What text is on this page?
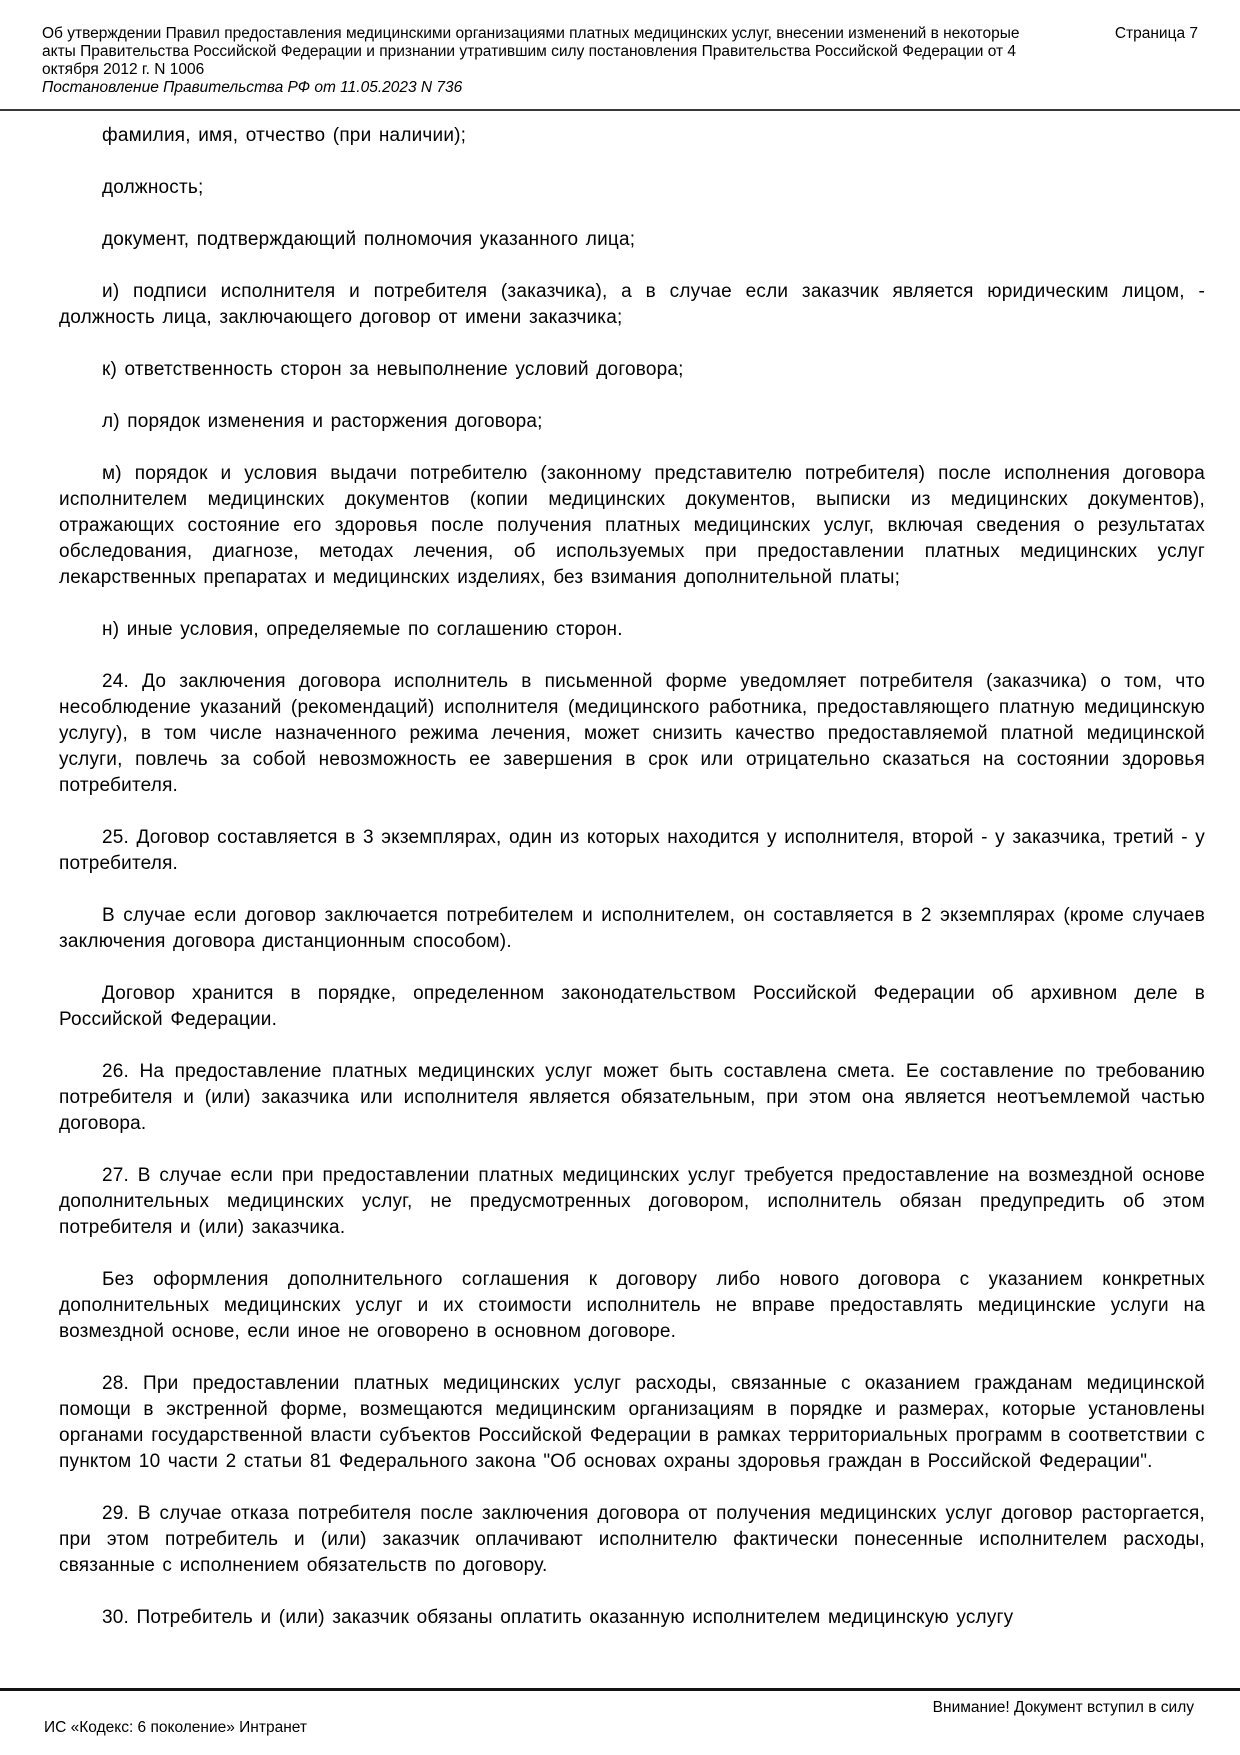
Об утверждении Правил предоставления медицинскими организациями платных медицинских услуг, внесении изменений в некоторые акты Правительства Российской Федерации и признании утратившим силу постановления Правительства Российской Федерации от 4 октября 2012 г. N 1006
Постановление Правительства РФ от 11.05.2023 N 736
Страница 7

фамилия, имя, отчество (при наличии);

должность;

документ, подтверждающий полномочия указанного лица;

и) подписи исполнителя и потребителя (заказчика), а в случае если заказчик является юридическим лицом, - должность лица, заключающего договор от имени заказчика;

к) ответственность сторон за невыполнение условий договора;

л) порядок изменения и расторжения договора;

м) порядок и условия выдачи потребителю (законному представителю потребителя) после исполнения договора исполнителем медицинских документов (копии медицинских документов, выписки из медицинских документов), отражающих состояние его здоровья после получения платных медицинских услуг, включая сведения о результатах обследования, диагнозе, методах лечения, об используемых при предоставлении платных медицинских услуг лекарственных препаратах и медицинских изделиях, без взимания дополнительной платы;

н) иные условия, определяемые по соглашению сторон.

24. До заключения договора исполнитель в письменной форме уведомляет потребителя (заказчика) о том, что несоблюдение указаний (рекомендаций) исполнителя (медицинского работника, предоставляющего платную медицинскую услугу), в том числе назначенного режима лечения, может снизить качество предоставляемой платной медицинской услуги, повлечь за собой невозможность ее завершения в срок или отрицательно сказаться на состоянии здоровья потребителя.

25. Договор составляется в 3 экземплярах, один из которых находится у исполнителя, второй - у заказчика, третий - у потребителя.

В случае если договор заключается потребителем и исполнителем, он составляется в 2 экземплярах (кроме случаев заключения договора дистанционным способом).

Договор хранится в порядке, определенном законодательством Российской Федерации об архивном деле в Российской Федерации.

26. На предоставление платных медицинских услуг может быть составлена смета. Ее составление по требованию потребителя и (или) заказчика или исполнителя является обязательным, при этом она является неотъемлемой частью договора.

27. В случае если при предоставлении платных медицинских услуг требуется предоставление на возмездной основе дополнительных медицинских услуг, не предусмотренных договором, исполнитель обязан предупредить об этом потребителя и (или) заказчика.

Без оформления дополнительного соглашения к договору либо нового договора с указанием конкретных дополнительных медицинских услуг и их стоимости исполнитель не вправе предоставлять медицинские услуги на возмездной основе, если иное не оговорено в основном договоре.

28. При предоставлении платных медицинских услуг расходы, связанные с оказанием гражданам медицинской помощи в экстренной форме, возмещаются медицинским организациям в порядке и размерах, которые установлены органами государственной власти субъектов Российской Федерации в рамках территориальных программ в соответствии с пунктом 10 части 2 статьи 81 Федерального закона "Об основах охраны здоровья граждан в Российской Федерации".

29. В случае отказа потребителя после заключения договора от получения медицинских услуг договор расторгается, при этом потребитель и (или) заказчик оплачивают исполнителю фактически понесенные исполнителем расходы, связанные с исполнением обязательств по договору.

30. Потребитель и (или) заказчик обязаны оплатить оказанную исполнителем медицинскую услугу

Внимание! Документ вступил в силу
ИС «Кодекс: 6 поколение» Интранет
